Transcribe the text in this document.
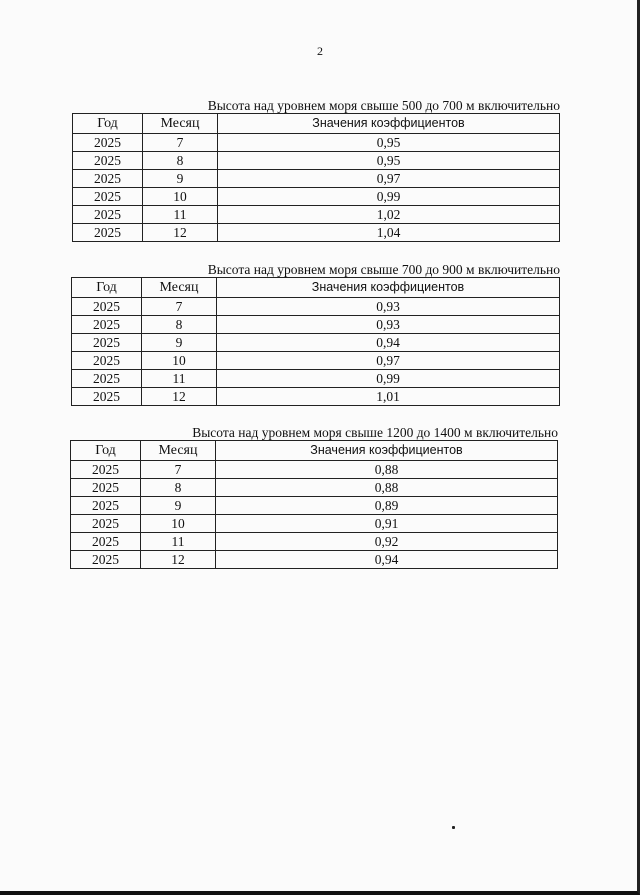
2
Высота над уровнем моря свыше 500 до 700 м включительно
Год	Месяц	Значения коэффициентов
2025	7	0,95
2025	8	0,95
2025	9	0,97
2025	10	0,99
2025	11	1,02
2025	12	1,04
Высота над уровнем моря свыше 700 до 900 м включительно
Год	Месяц	Значения коэффициентов
2025	7	0,93
2025	8	0,93
2025	9	0,94
2025	10	0,97
2025	11	0,99
2025	12	1,01
Высота над уровнем моря свыше 1200 до 1400 м включительно
Год	Месяц	Значения коэффициентов
2025	7	0,88
2025	8	0,88
2025	9	0,89
2025	10	0,91
2025	11	0,92
2025	12	0,94
